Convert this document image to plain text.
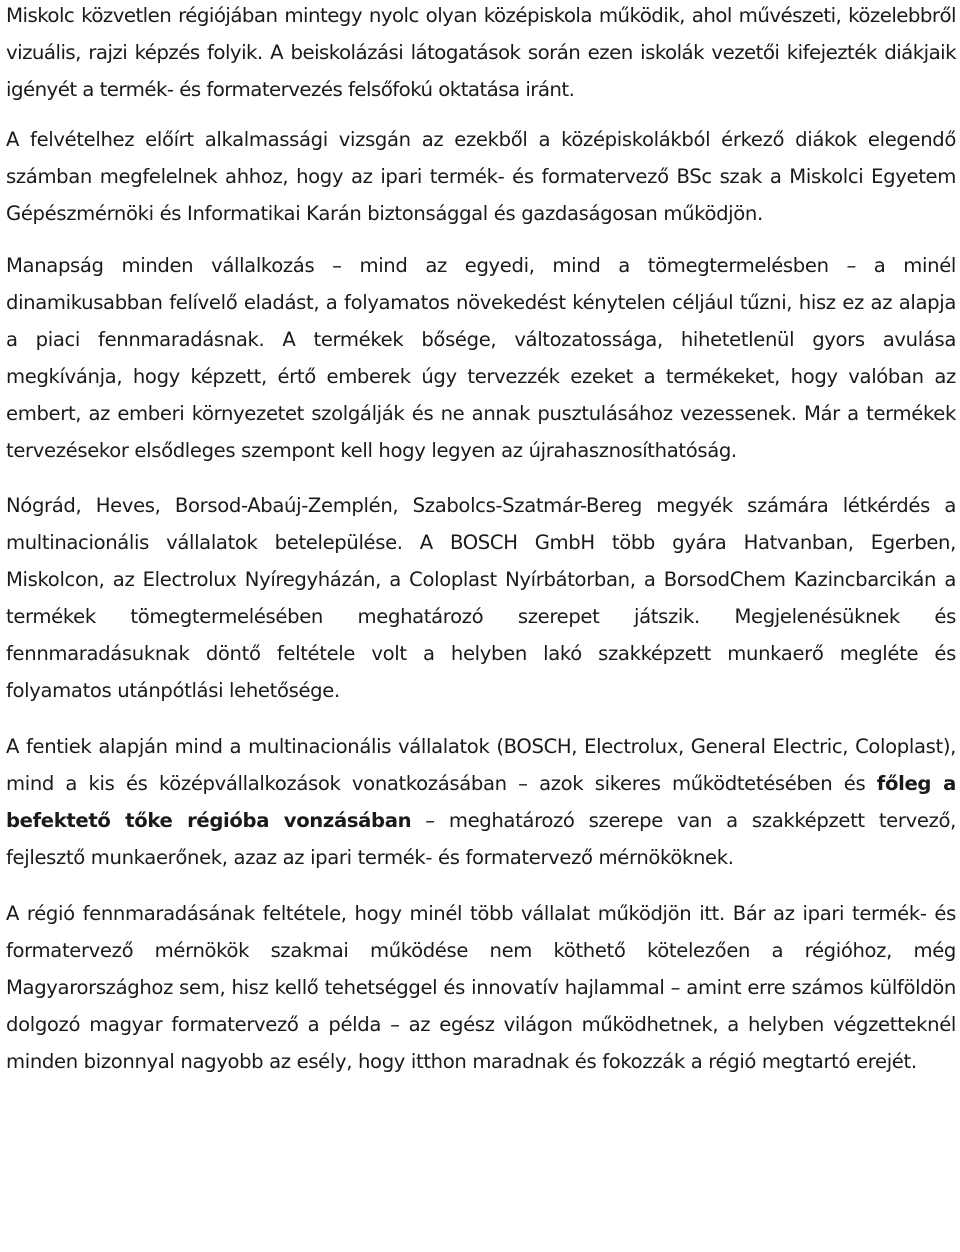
Miskolc közvetlen régiójában mintegy nyolc olyan középiskola működik, ahol művészeti, közelebbről vizuális, rajzi képzés folyik. A beiskolázási látogatások során ezen iskolák vezetői kifejezték diákjaik igényét a termék- és formatervezés felsőfokú oktatása iránt.

A felvételhez előírt alkalmassági vizsgán az ezekből a középiskolákból érkező diákok elegendő számban megfelelnek ahhoz, hogy az ipari termék- és formatervező BSc szak a Miskolci Egyetem Gépészmérnöki és Informatikai Karán biztonsággal és gazdaságosan működjön.

Manapság minden vállalkozás – mind az egyedi, mind a tömegtermelésben – a minél dinamikusabban felívelő eladást, a folyamatos növekedést kénytelen céljául tűzni, hisz ez az alapja a piaci fennmaradásnak. A termékek bősége, változatossága, hihetetlenül gyors avulása megkívánja, hogy képzett, értő emberek úgy tervezzék ezeket a termékeket, hogy valóban az embert, az emberi környezetet szolgálják és ne annak pusztulásához vezessenek. Már a termékek tervezésekor elsődleges szempont kell hogy legyen az újrahasznosíthatóság.

Nógrád, Heves, Borsod-Abaúj-Zemplén, Szabolcs-Szatmár-Bereg megyék számára létkérdés a multinacionális vállalatok betelepülése. A BOSCH GmbH több gyára Hatvanban, Egerben, Miskolcon, az Electrolux Nyíregyházán, a Coloplast Nyírbátorban, a BorsodChem Kazincbarcikán a termékek tömegtermelésében meghatározó szerepet játszik. Megjelenésüknek és fennmaradásuknak döntő feltétele volt a helyben lakó szakképzett munkaerő megléte és folyamatos utánpótlási lehetősége.

A fentiek alapján mind a multinacionális vállalatok (BOSCH, Electrolux, General Electric, Coloplast), mind a kis és középvállalkozások vonatkozásában – azok sikeres működtetésében és főleg a befektető tőke régióba vonzásában – meghatározó szerepe van a szakképzett tervező, fejlesztő munkaerőnek, azaz az ipari termék- és formatervező mérnököknek.

A régió fennmaradásának feltétele, hogy minél több vállalat működjön itt. Bár az ipari termék- és formatervező mérnökök szakmai működése nem köthető kötelezően a régióhoz, még Magyarországhoz sem, hisz kellő tehetséggel és innovatív hajlammal – amint erre számos külföldön dolgozó magyar formatervező a példa – az egész világon működhetnek, a helyben végzetteknél minden bizonnyal nagyobb az esély, hogy itthon maradnak és fokozzák a régió megtartó erejét.
